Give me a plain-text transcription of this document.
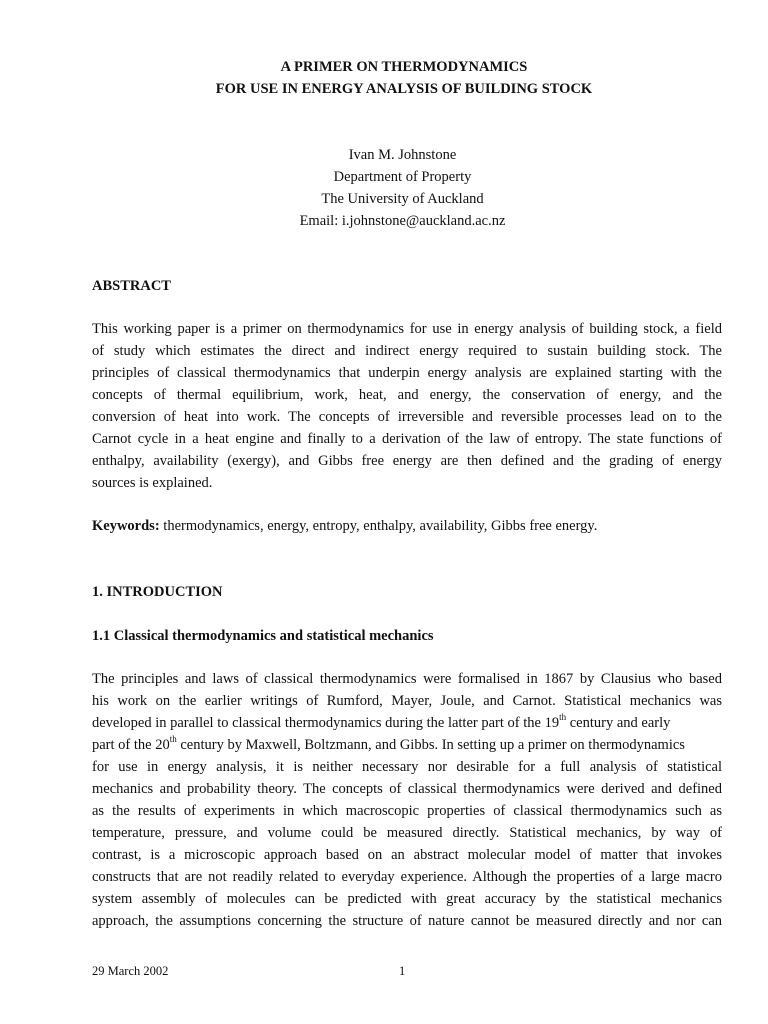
A PRIMER ON THERMODYNAMICS
FOR USE IN ENERGY ANALYSIS OF BUILDING STOCK
Ivan M. Johnstone
Department of Property
The University of Auckland
Email: i.johnstone@auckland.ac.nz
ABSTRACT
This working paper is a primer on thermodynamics for use in energy analysis of building stock, a field
of study which estimates the direct and indirect energy required to sustain building stock. The
principles of classical thermodynamics that underpin energy analysis are explained starting with the
concepts of thermal equilibrium, work, heat, and energy, the conservation of energy, and the
conversion of heat into work. The concepts of irreversible and reversible processes lead on to the
Carnot cycle in a heat engine and finally to a derivation of the law of entropy. The state functions of
enthalpy, availability (exergy), and Gibbs free energy are then defined and the grading of energy
sources is explained.
Keywords: thermodynamics, energy, entropy, enthalpy, availability, Gibbs free energy.
1. INTRODUCTION
1.1 Classical thermodynamics and statistical mechanics
The principles and laws of classical thermodynamics were formalised in 1867 by Clausius who based
his work on the earlier writings of Rumford, Mayer, Joule, and Carnot. Statistical mechanics was
developed in parallel to classical thermodynamics during the latter part of the 19th century and early
part of the 20th century by Maxwell, Boltzmann, and Gibbs. In setting up a primer on thermodynamics
for use in energy analysis, it is neither necessary nor desirable for a full analysis of statistical
mechanics and probability theory. The concepts of classical thermodynamics were derived and defined
as the results of experiments in which macroscopic properties of classical thermodynamics such as
temperature, pressure, and volume could be measured directly. Statistical mechanics, by way of
contrast, is a microscopic approach based on an abstract molecular model of matter that invokes
constructs that are not readily related to everyday experience. Although the properties of a large macro
system assembly of molecules can be predicted with great accuracy by the statistical mechanics
approach, the assumptions concerning the structure of nature cannot be measured directly and nor can
29 March 2002	1
